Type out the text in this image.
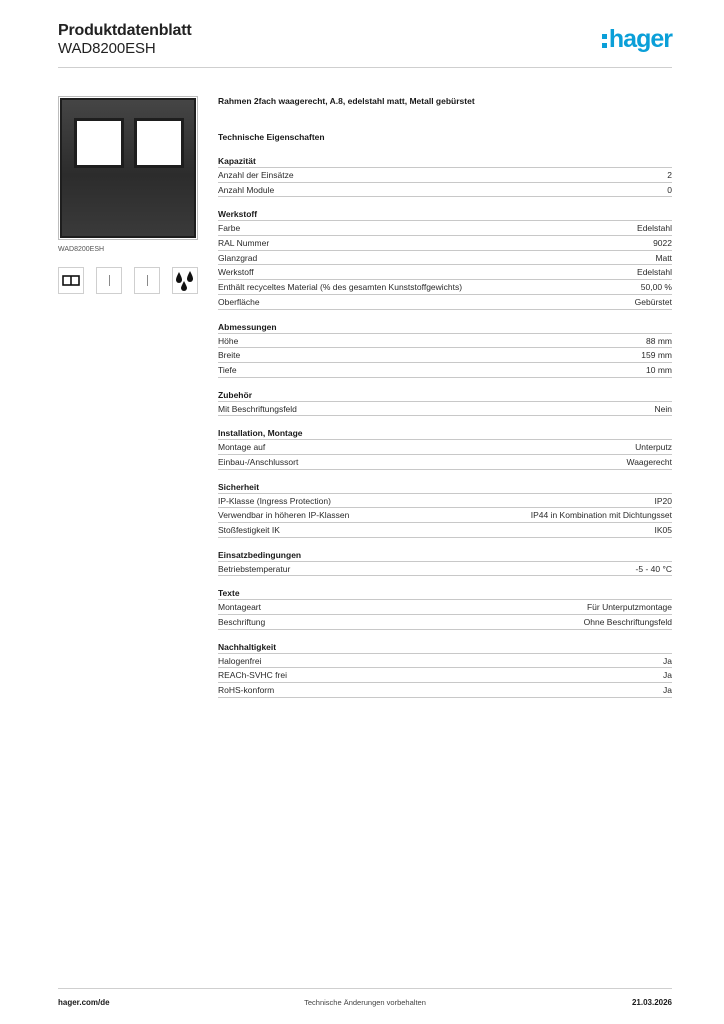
Produktdatenblatt
WAD8200ESH	hager
WAD8200ESH
Rahmen 2fach waagerecht, A.8, edelstahl matt, Metall gebürstet
Technische Eigenschaften
Kapazität
Anzahl der Einsätze	2
Anzahl Module	0
Werkstoff
Farbe	Edelstahl
RAL Nummer	9022
Glanzgrad	Matt
Werkstoff	Edelstahl
Enthält recyceltes Material (% des gesamten Kunststoffgewichts)	50,00 %
Oberfläche	Gebürstet
Abmessungen
Höhe	88 mm
Breite	159 mm
Tiefe	10 mm
Zubehör
Mit Beschriftungsfeld	Nein
Installation, Montage
Montage auf	Unterputz
Einbau-/Anschlussort	Waagerecht
Sicherheit
IP-Klasse (Ingress Protection)	IP20
Verwendbar in höheren IP-Klassen	IP44 in Kombination mit Dichtungsset
Stoßfestigkeit IK	IK05
Einsatzbedingungen
Betriebstemperatur	-5 - 40 °C
Texte
Montageart	Für Unterputzmontage
Beschriftung	Ohne Beschriftungsfeld
Nachhaltigkeit
Halogenfrei	Ja
REACh-SVHC frei	Ja
RoHS-konform	Ja
hager.com/de	Technische Änderungen vorbehalten	21.03.2026
